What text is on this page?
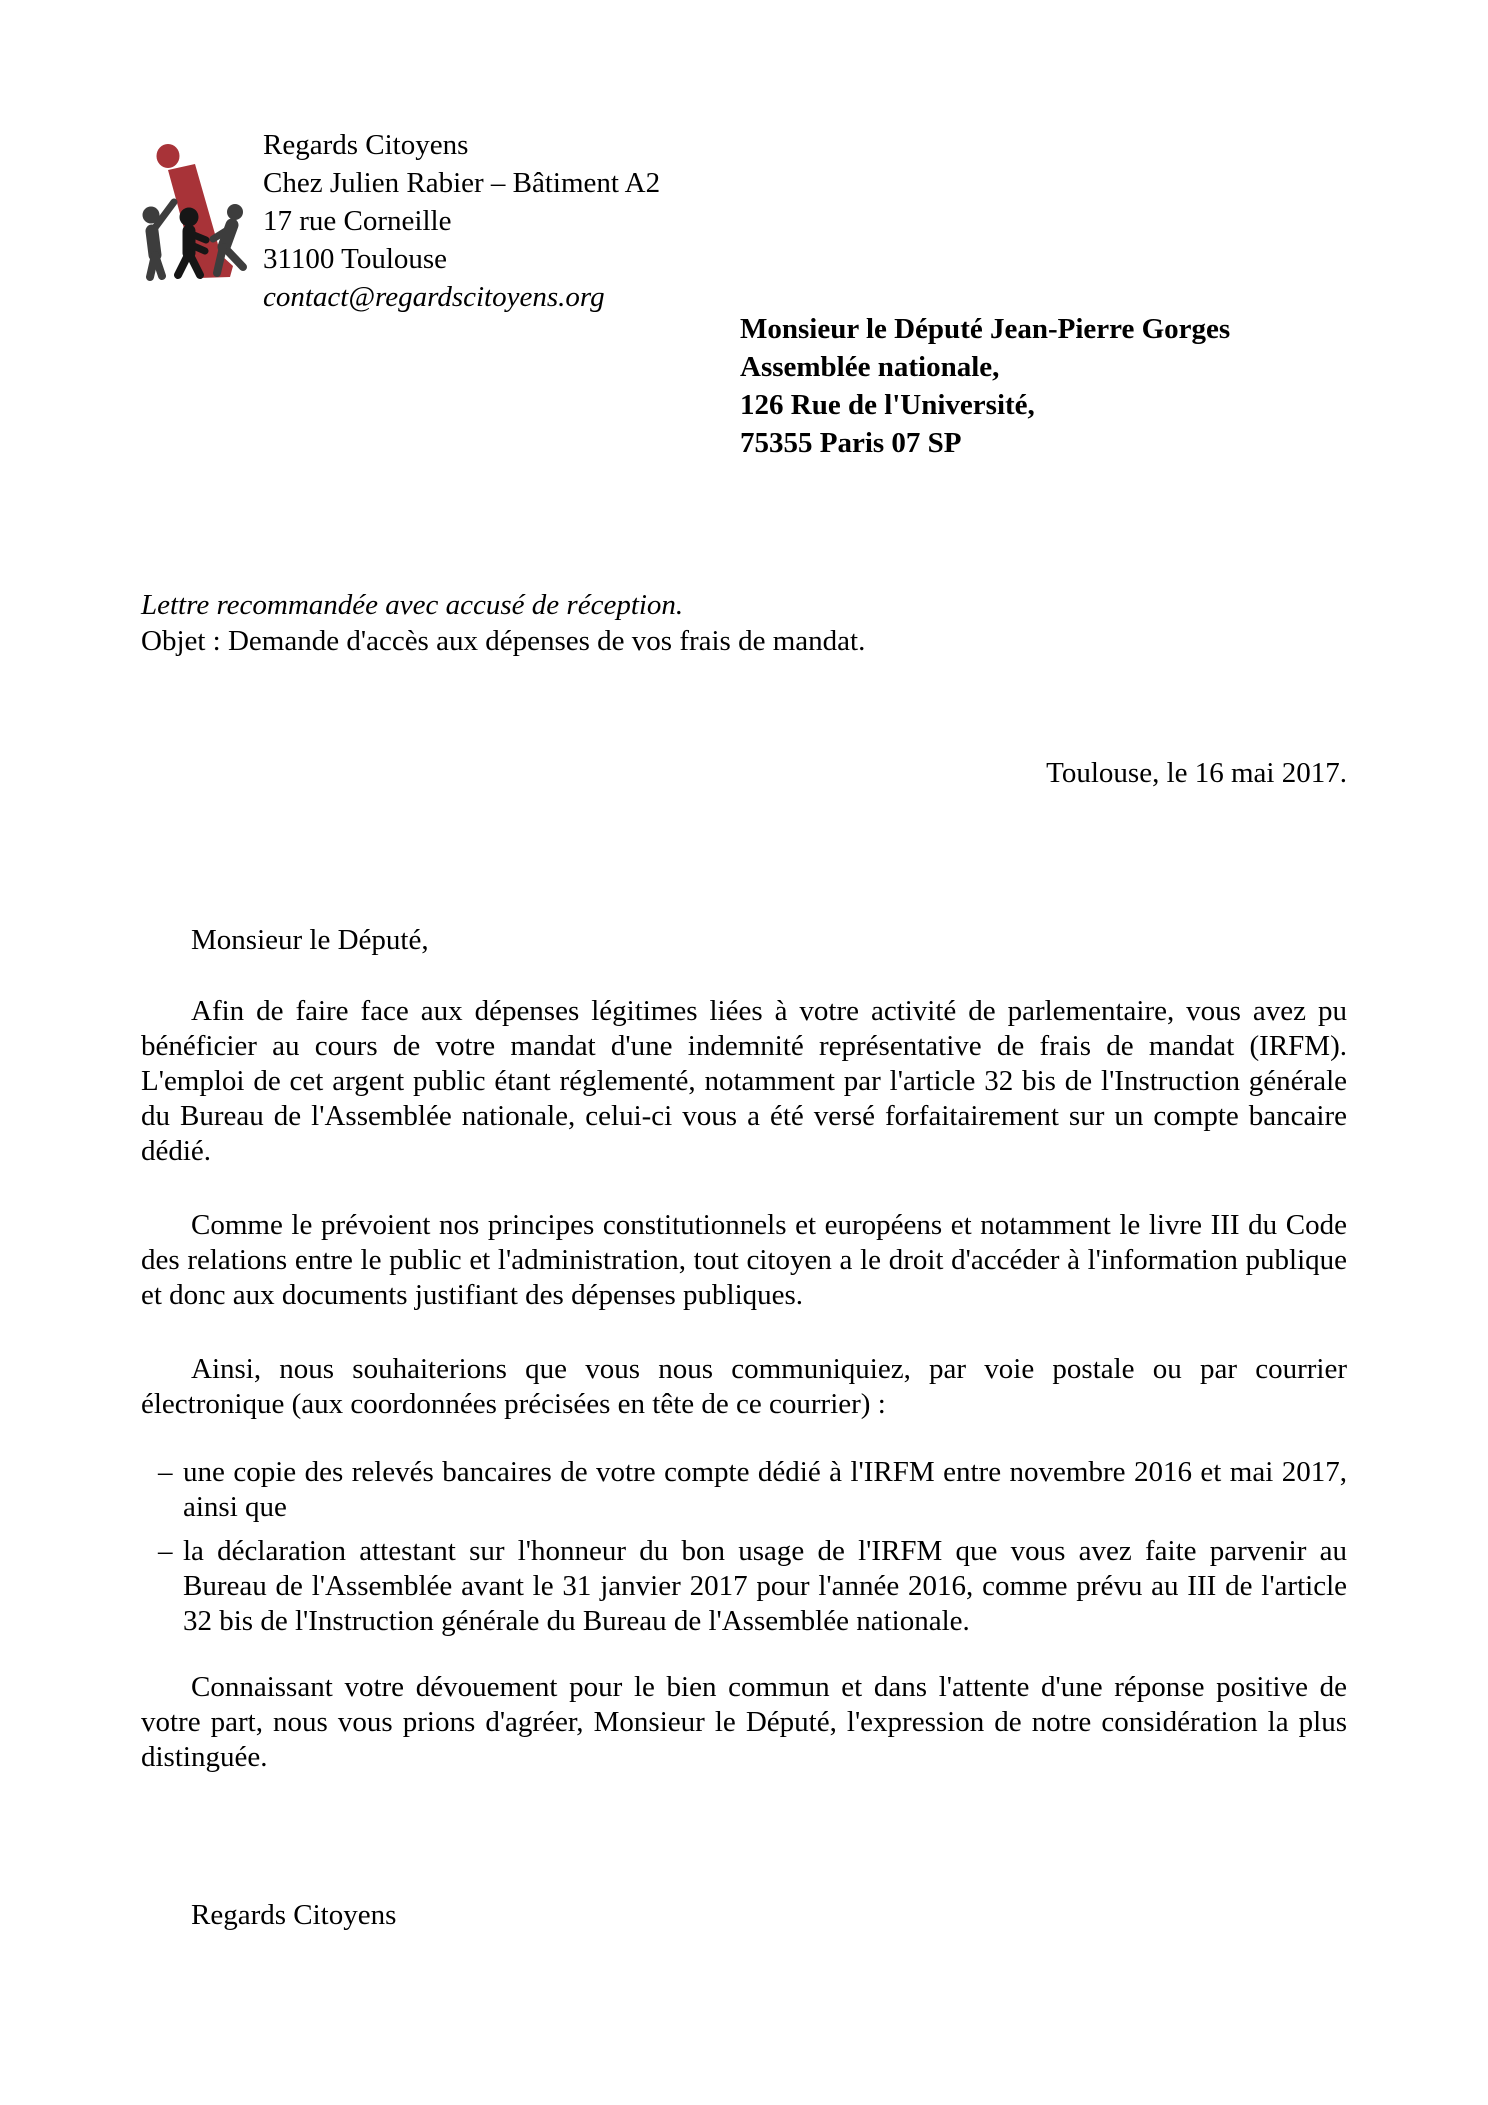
Regards Citoyens
Chez Julien Rabier – Bâtiment A2
17 rue Corneille
31100 Toulouse
contact@regardscitoyens.org
Monsieur le Député Jean-Pierre Gorges
Assemblée nationale,
126 Rue de l'Université,
75355 Paris 07 SP
Lettre recommandée avec accusé de réception.
Objet : Demande d'accès aux dépenses de vos frais de mandat.
Toulouse, le 16 mai 2017.

Monsieur le Député,

Afin de faire face aux dépenses légitimes liées à votre activité de parlementaire, vous avez pu bénéficier au cours de votre mandat d'une indemnité représentative de frais de mandat (IRFM). L'emploi de cet argent public étant réglementé, notamment par l'article 32 bis de l'Instruction générale du Bureau de l'Assemblée nationale, celui-ci vous a été versé forfaitairement sur un compte bancaire dédié.

Comme le prévoient nos principes constitutionnels et européens et notamment le livre III du Code des relations entre le public et l'administration, tout citoyen a le droit d'accéder à l'information publique et donc aux documents justifiant des dépenses publiques.

Ainsi, nous souhaiterions que vous nous communiquiez, par voie postale ou par courrier électronique (aux coordonnées précisées en tête de ce courrier) :

– une copie des relevés bancaires de votre compte dédié à l'IRFM entre novembre 2016 et mai 2017, ainsi que
– la déclaration attestant sur l'honneur du bon usage de l'IRFM que vous avez faite parvenir au Bureau de l'Assemblée avant le 31 janvier 2017 pour l'année 2016, comme prévu au III de l'article 32 bis de l'Instruction générale du Bureau de l'Assemblée nationale.

Connaissant votre dévouement pour le bien commun et dans l'attente d'une réponse positive de votre part, nous vous prions d'agréer, Monsieur le Député, l'expression de notre considération la plus distinguée.

Regards Citoyens
